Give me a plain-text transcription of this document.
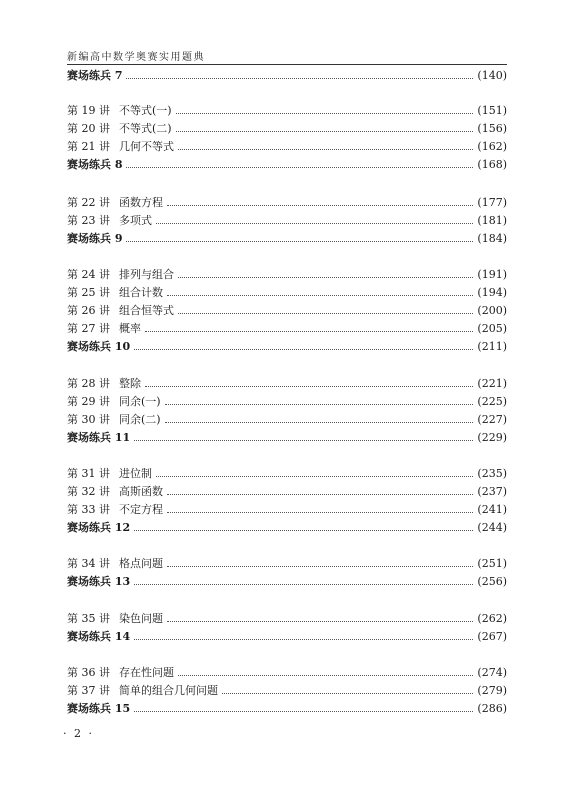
新编高中数学奥赛实用题典
赛场练兵 7	(140)
第 19 讲 不等式(一)	(151)
第 20 讲 不等式(二)	(156)
第 21 讲 几何不等式	(162)
赛场练兵 8	(168)
第 22 讲 函数方程	(177)
第 23 讲 多项式	(181)
赛场练兵 9	(184)
第 24 讲 排列与组合	(191)
第 25 讲 组合计数	(194)
第 26 讲 组合恒等式	(200)
第 27 讲 概率	(205)
赛场练兵 10	(211)
第 28 讲 整除	(221)
第 29 讲 同余(一)	(225)
第 30 讲 同余(二)	(227)
赛场练兵 11	(229)
第 31 讲 进位制	(235)
第 32 讲 高斯函数	(237)
第 33 讲 不定方程	(241)
赛场练兵 12	(244)
第 34 讲 格点问题	(251)
赛场练兵 13	(256)
第 35 讲 染色问题	(262)
赛场练兵 14	(267)
第 36 讲 存在性问题	(274)
第 37 讲 简单的组合几何问题	(279)
赛场练兵 15	(286)
· 2 ·
